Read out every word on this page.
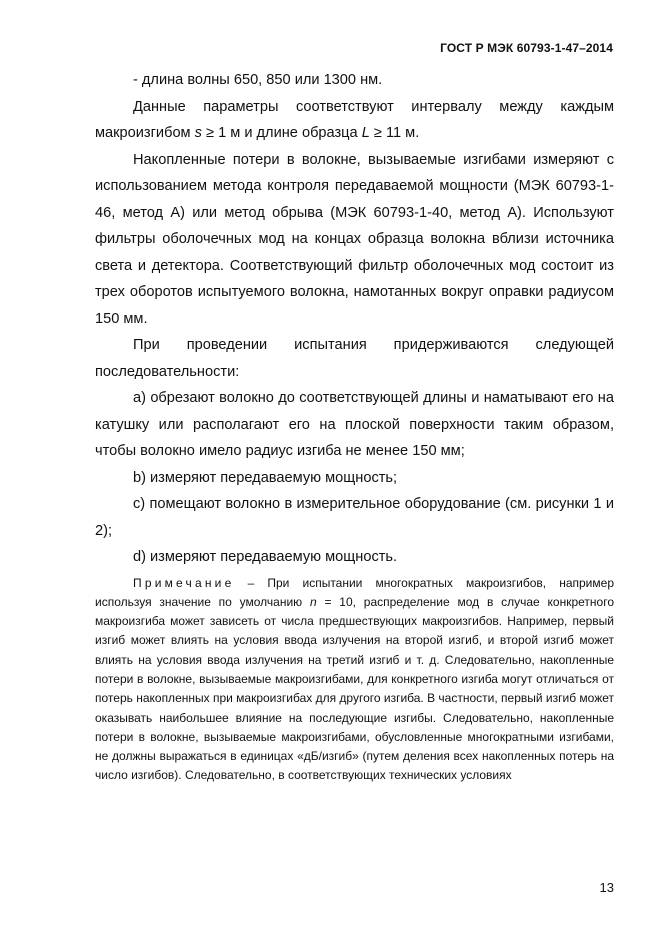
ГОСТ Р МЭК 60793-1-47–2014

- длина волны 650, 850 или 1300 нм.

Данные параметры соответствуют интервалу между каждым макроизгибом s ≥ 1 м и длине образца L ≥ 11 м.

Накопленные потери в волокне, вызываемые изгибами измеряют с использованием метода контроля передаваемой мощности (МЭК 60793-1-46, метод А) или метод обрыва (МЭК 60793-1-40, метод А). Используют фильтры оболочечных мод на концах образца волокна вблизи источника света и детектора. Соответствующий фильтр оболочечных мод состоит из трех оборотов испытуемого волокна, намотанных вокруг оправки радиусом 150 мм.

При проведении испытания придерживаются следующей последовательности:

а) обрезают волокно до соответствующей длины и наматывают его на катушку или располагают его на плоской поверхности таким образом, чтобы волокно имело радиус изгиба не менее 150 мм;

b) измеряют передаваемую мощность;

c) помещают волокно в измерительное оборудование (см. рисунки 1 и 2);

d) измеряют передаваемую мощность.

Примечание – При испытании многократных макроизгибов, например используя значение по умолчанию n = 10, распределение мод в случае конкретного макроизгиба может зависеть от числа предшествующих макроизгибов. Например, первый изгиб может влиять на условия ввода излучения на второй изгиб, и второй изгиб может влиять на условия ввода излучения на третий изгиб и т. д. Следовательно, накопленные потери в волокне, вызываемые макроизгибами, для конкретного изгиба могут отличаться от потерь накопленных при макроизгибах для другого изгиба. В частности, первый изгиб может оказывать наибольшее влияние на последующие изгибы. Следовательно, накопленные потери в волокне, вызываемые макроизгибами, обусловленные многократными изгибами, не должны выражаться в единицах «дБ/изгиб» (путем деления всех накопленных потерь на число изгибов). Следовательно, в соответствующих технических условиях

13
